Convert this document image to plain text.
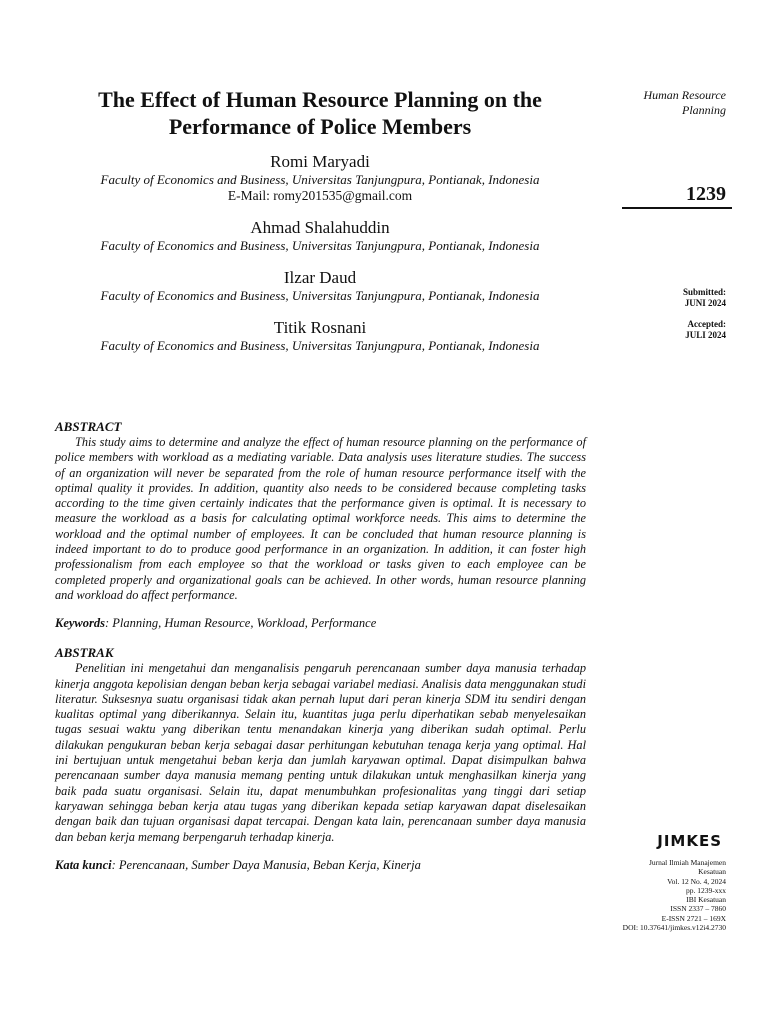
The Effect of Human Resource Planning on the Performance of Police Members
Romi Maryadi
Faculty of Economics and Business, Universitas Tanjungpura, Pontianak, Indonesia
E-Mail: romy201535@gmail.com
Ahmad Shalahuddin
Faculty of Economics and Business, Universitas Tanjungpura, Pontianak, Indonesia
Ilzar Daud
Faculty of Economics and Business, Universitas Tanjungpura, Pontianak, Indonesia
Titik Rosnani
Faculty of Economics and Business, Universitas Tanjungpura, Pontianak, Indonesia
ABSTRACT

This study aims to determine and analyze the effect of human resource planning on the performance of police members with workload as a mediating variable. Data analysis uses literature studies. The success of an organization will never be separated from the role of human resource performance itself with the optimal quality it provides. In addition, quantity also needs to be considered because completing tasks according to the time given certainly indicates that the performance given is optimal. It is necessary to measure the workload as a basis for calculating optimal workforce needs. This aims to determine the workload and the optimal number of employees. It can be concluded that human resource planning is indeed important to do to produce good performance in an organization. In addition, it can foster high professionalism from each employee so that the workload or tasks given to each employee can be completed properly and organizational goals can be achieved. In other words, human resource planning and workload do affect performance.

Keywords: Planning, Human Resource, Workload, Performance
ABSTRAK

Penelitian ini mengetahui dan menganalisis pengaruh perencanaan sumber daya manusia terhadap kinerja anggota kepolisian dengan beban kerja sebagai variabel mediasi. Analisis data menggunakan studi literatur. Suksesnya suatu organisasi tidak akan pernah luput dari peran kinerja SDM itu sendiri dengan kualitas optimal yang diberikannya. Selain itu, kuantitas juga perlu diperhatikan sebab menyelesaikan tugas sesuai waktu yang diberikan tentu menandakan kinerja yang diberikan sudah optimal. Perlu dilakukan pengukuran beban kerja sebagai dasar perhitungan kebutuhan tenaga kerja yang optimal. Hal ini bertujuan untuk mengetahui beban kerja dan jumlah karyawan optimal. Dapat disimpulkan bahwa perencanaan sumber daya manusia memang penting untuk dilakukan untuk menghasilkan kinerja yang baik pada suatu organisasi. Selain itu, dapat menumbuhkan profesionalitas yang tinggi dari setiap karyawan sehingga beban kerja atau tugas yang diberikan kepada setiap karyawan dapat diselesaikan dengan baik dan tujuan organisasi dapat tercapai. Dengan kata lain, perencanaan sumber daya manusia dan beban kerja memang berpengaruh terhadap kinerja.

Kata kunci: Perencanaan, Sumber Daya Manusia, Beban Kerja, Kinerja
Human Resource
Planning
1239
Submitted:
JUNI 2024
Accepted:
JULI 2024
JIMKES
Jurnal Ilmiah Manajemen
Kesatuan
Vol. 12 No. 4, 2024
pp. 1239-xxx
IBI Kesatuan
ISSN 2337 – 7860
E-ISSN 2721 – 169X
DOI: 10.37641/jimkes.v12i4.2730
